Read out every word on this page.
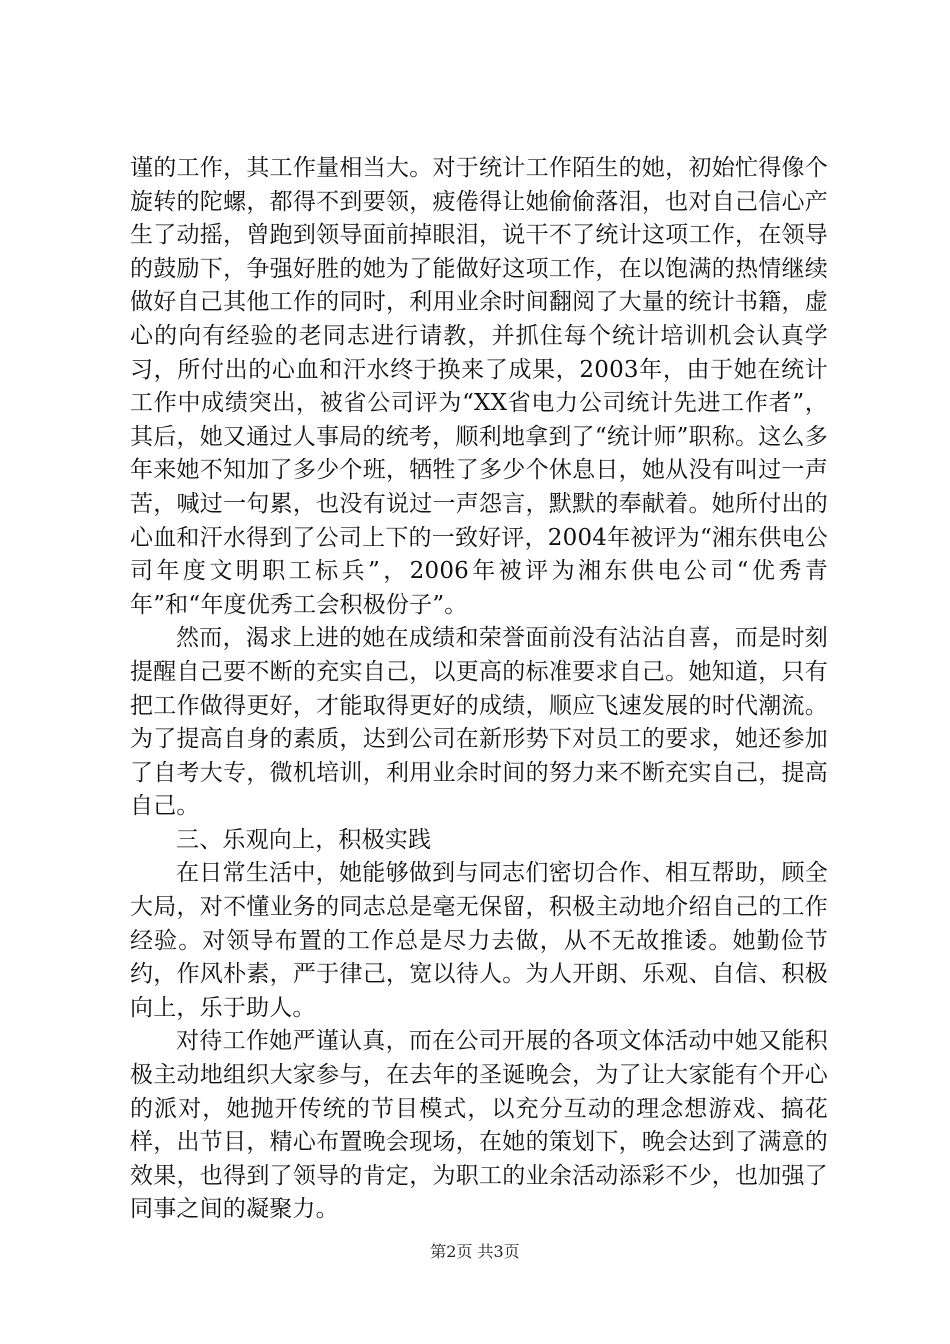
谨的工作，其工作量相当大。对于统计工作陌生的她，初始忙得像个旋转的陀螺，都得不到要领，疲倦得让她偷偷落泪，也对自己信心产生了动摇，曾跑到领导面前掉眼泪，说干不了统计这项工作，在领导的鼓励下，争强好胜的她为了能做好这项工作，在以饱满的热情继续做好自己其他工作的同时，利用业余时间翻阅了大量的统计书籍，虚心的向有经验的老同志进行请教，并抓住每个统计培训机会认真学习，所付出的心血和汗水终于换来了成果，2003年，由于她在统计工作中成绩突出，被省公司评为“XX省电力公司统计先进工作者”，其后，她又通过人事局的统考，顺利地拿到了“统计师”职称。这么多年来她不知加了多少个班，牺牲了多少个休息日，她从没有叫过一声苦，喊过一句累，也没有说过一声怨言，默默的奉献着。她所付出的心血和汗水得到了公司上下的一致好评，2004年被评为“湘东供电公司年度文明职工标兵”，2006年被评为湘东供电公司“优秀青年”和“年度优秀工会积极份子”。

然而，渴求上进的她在成绩和荣誉面前没有沾沾自喜，而是时刻提醒自己要不断的充实自己，以更高的标准要求自己。她知道，只有把工作做得更好，才能取得更好的成绩，顺应飞速发展的时代潮流。为了提高自身的素质，达到公司在新形势下对员工的要求，她还参加了自考大专，微机培训，利用业余时间的努力来不断充实自己，提高自己。

三、乐观向上，积极实践

在日常生活中，她能够做到与同志们密切合作、相互帮助，顾全大局，对不懂业务的同志总是毫无保留，积极主动地介绍自己的工作经验。对领导布置的工作总是尽力去做，从不无故推诿。她勤俭节约，作风朴素，严于律己，宽以待人。为人开朗、乐观、自信、积极向上，乐于助人。

对待工作她严谨认真，而在公司开展的各项文体活动中她又能积极主动地组织大家参与，在去年的圣诞晚会，为了让大家能有个开心的派对，她抛开传统的节目模式，以充分互动的理念想游戏、搞花样，出节目，精心布置晚会现场，在她的策划下，晚会达到了满意的效果，也得到了领导的肯定，为职工的业余活动添彩不少，也加强了同事之间的凝聚力。

第2页 共3页
